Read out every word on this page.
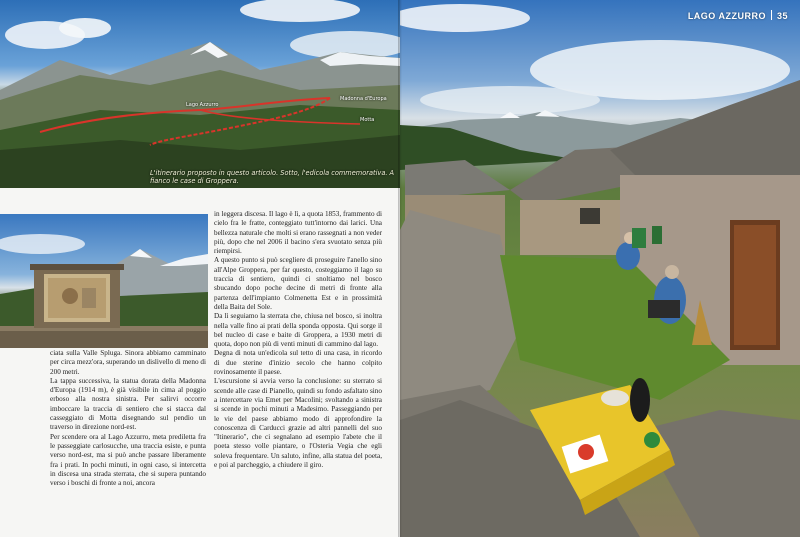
Lago Azzurro
Madonna d'Europa
Motta
L'itinerario proposto in questo articolo. Sotto, l'edicola commemorativa. A fianco le case di Groppera.

ciata sulla Valle Spluga. Sinora abbiamo camminato per circa mezz'ora, superando un dislivello di meno di 200 metri.

La tappa successiva, la statua dorata della Madonna d'Europa (1914 m), è già visibile in cima al poggio erboso alla nostra sinistra. Per salirvi occorre imboccare la traccia di sentiero che si stacca dal casseggiato di Motta disegnando sul pendio un traverso in direzione nord-est.

Per scendere ora al Lago Azzurro, meta prediletta fra le passeggiate carlosucche, una traccia esiste, e punta verso nord-est, ma si può anche passare liberamente fra i prati. In pochi minuti, in ogni caso, si intercetta in discesa una strada sterrata, che si supera puntando verso i boschi di fronte a noi, ancora

in leggera discesa. Il lago è lì, a quota 1853, frammento di cielo fra le fratte, conteggiato tutt'intorno dai larici. Una bellezza naturale che molti si erano rassegnati a non veder più, dopo che nel 2006 il bacino s'era svuotato senza più riempirsi.

A questo punto si può scegliere di proseguire l'anello sino all'Alpe Groppera, per far questo, costeggiamo il lago su traccia di sentiero, quindi ci snoltiamo nel bosco sbucando dopo poche decine di metri di fronte alla partenza dell'impianto Colmenetta Est e in prossimità della Baita del Sole.

Da lì seguiamo la sterrata che, chiusa nel bosco, si inoltra nella valle fino ai prati della sponda opposta. Qui sorge il bel nucleo di case e baite di Groppera, a 1930 metri di quota, dopo non più di venti minuti di cammino dal lago.

Degna di nota un'edicola sul tetto di una casa, in ricordo di due sterine d'inizio secolo che hanno colpito rovinosamente il paese.

L'escursione si avvia verso la conclusione: su sterrato si scende alle case di Pianello, quindi su fondo asfaltato sino a intercettare via Emet per Macolini; svoltando a sinistra si scende in pochi minuti a Madesimo. Passeggiando per le vie del paese abbiamo modo di approfondire la conoscenza di Carducci grazie ad altri pannelli del suo "Itinerario", che ci segnalano ad esempio l'abete che il poeta stesso volle piantare, o l'Osteria Vegia che egli soleva frequentare. Un saluto, infine, alla statua del poeta, e poi al parcheggio, a chiudere il giro.

LAGO AZZURRO 35
